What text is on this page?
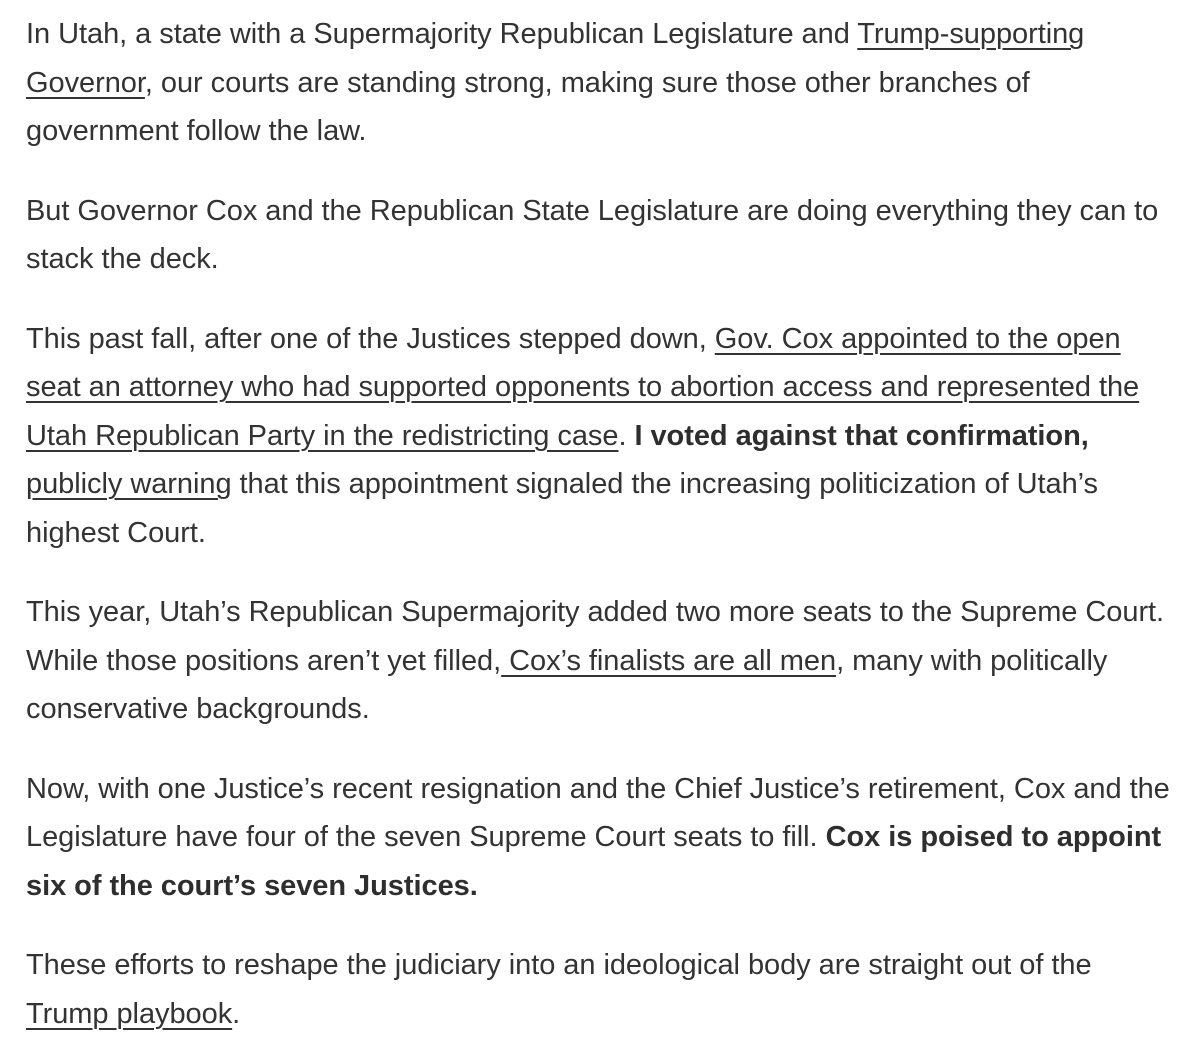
In Utah, a state with a Supermajority Republican Legislature and Trump-supporting Governor, our courts are standing strong, making sure those other branches of government follow the law.

But Governor Cox and the Republican State Legislature are doing everything they can to stack the deck.

This past fall, after one of the Justices stepped down, Gov. Cox appointed to the open seat an attorney who had supported opponents to abortion access and represented the Utah Republican Party in the redistricting case. I voted against that confirmation, publicly warning that this appointment signaled the increasing politicization of Utah’s highest Court.

This year, Utah’s Republican Supermajority added two more seats to the Supreme Court. While those positions aren’t yet filled, Cox’s finalists are all men, many with politically conservative backgrounds.

Now, with one Justice’s recent resignation and the Chief Justice’s retirement, Cox and the Legislature have four of the seven Supreme Court seats to fill. Cox is poised to appoint six of the court’s seven Justices.

These efforts to reshape the judiciary into an ideological body are straight out of the Trump playbook.
